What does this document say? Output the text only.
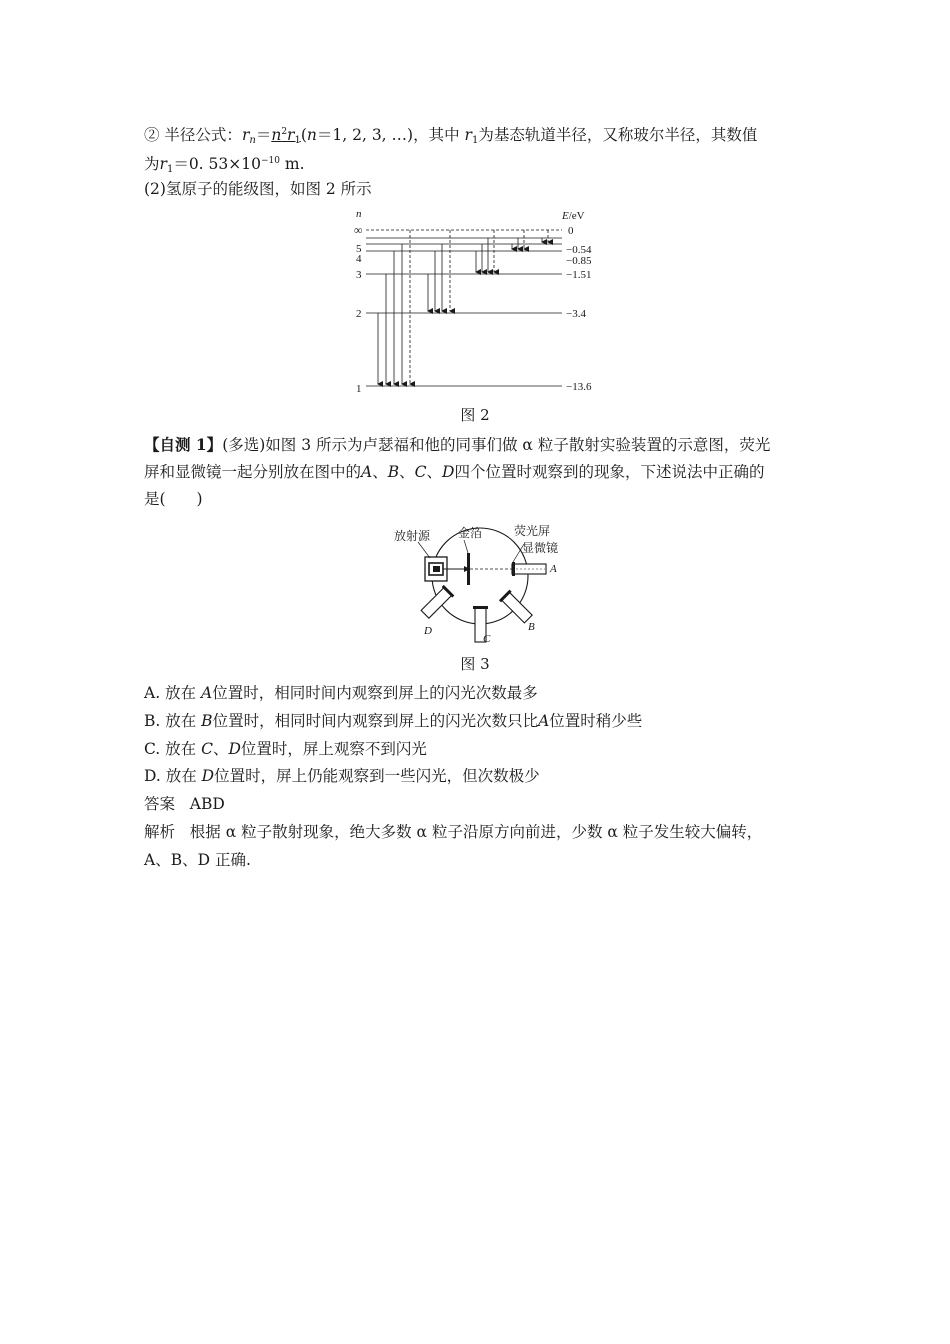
② 半径公式：$r_n=n^2r_1(n=1$, 2, 3, …)，其中 $r_1$为基态轨道半径，又称玻尔半径，其数值
为$r_1=0$. $53\times 10^{-10}$ m.
(2)氢原子的能级图，如图 2 所示
n	E/eV
∞
5
4
3
2
1
0
−0.54
−0.85
−1.51
−3.4
−13.6
图 2
【自测 1】(多选)如图 3 所示为卢瑟福和他的同事们做 α 粒子散射实验装置的示意图，荧光
屏和显微镜一起分别放在图中的A、B、C、D四个位置时观察到的现象，下述说法中正确的
是(　　)
放射源 金箔	荧光屏
显微镜
A
B
C
D
图 3
A. 放在 A位置时，相同时间内观察到屏上的闪光次数最多
B. 放在 B位置时，相同时间内观察到屏上的闪光次数只比A位置时稍少些
C. 放在 C、D位置时，屏上观察不到闪光
D. 放在 D位置时，屏上仍能观察到一些闪光，但次数极少
答案 ABD
解析 根据 α 粒子散射现象，绝大多数 α 粒子沿原方向前进，少数 α 粒子发生较大偏转，
A、B、D 正确.
